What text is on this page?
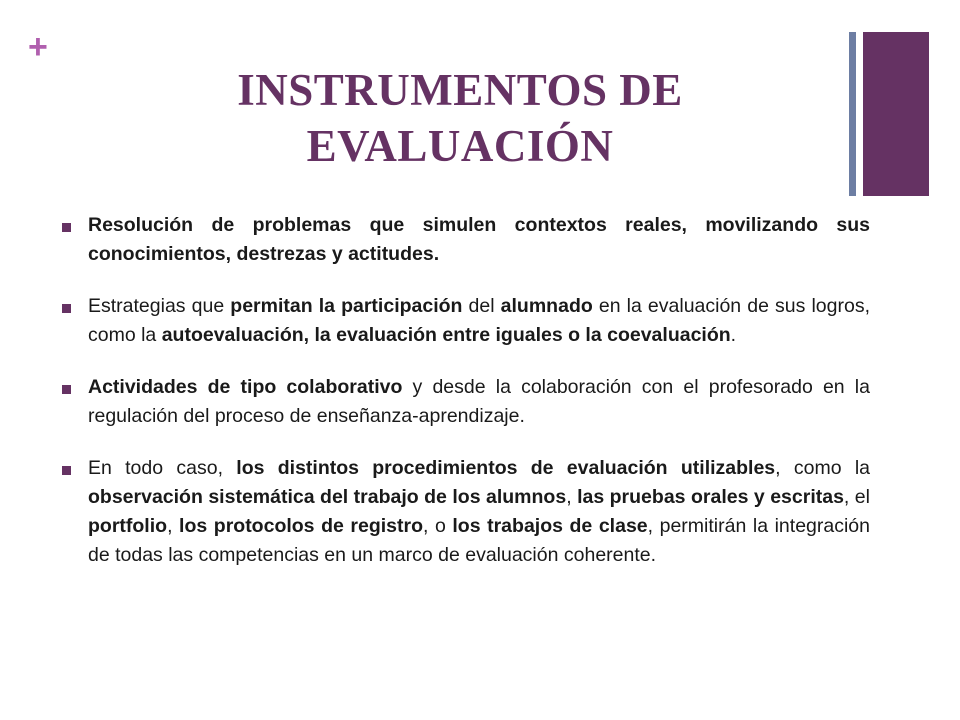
+
INSTRUMENTOS DE
EVALUACIÓN
Resolución de problemas que simulen contextos reales, movilizando sus conocimientos, destrezas y actitudes.
Estrategias que permitan la participación del alumnado en la evaluación de sus logros, como la autoevaluación, la evaluación entre iguales o la coevaluación.
Actividades de tipo colaborativo y desde la colaboración con el profesorado en la regulación del proceso de enseñanza-aprendizaje.
En todo caso, los distintos procedimientos de evaluación utilizables, como la observación sistemática del trabajo de los alumnos, las pruebas orales y escritas, el portfolio, los protocolos de registro, o los trabajos de clase, permitirán la integración de todas las competencias en un marco de evaluación coherente.
